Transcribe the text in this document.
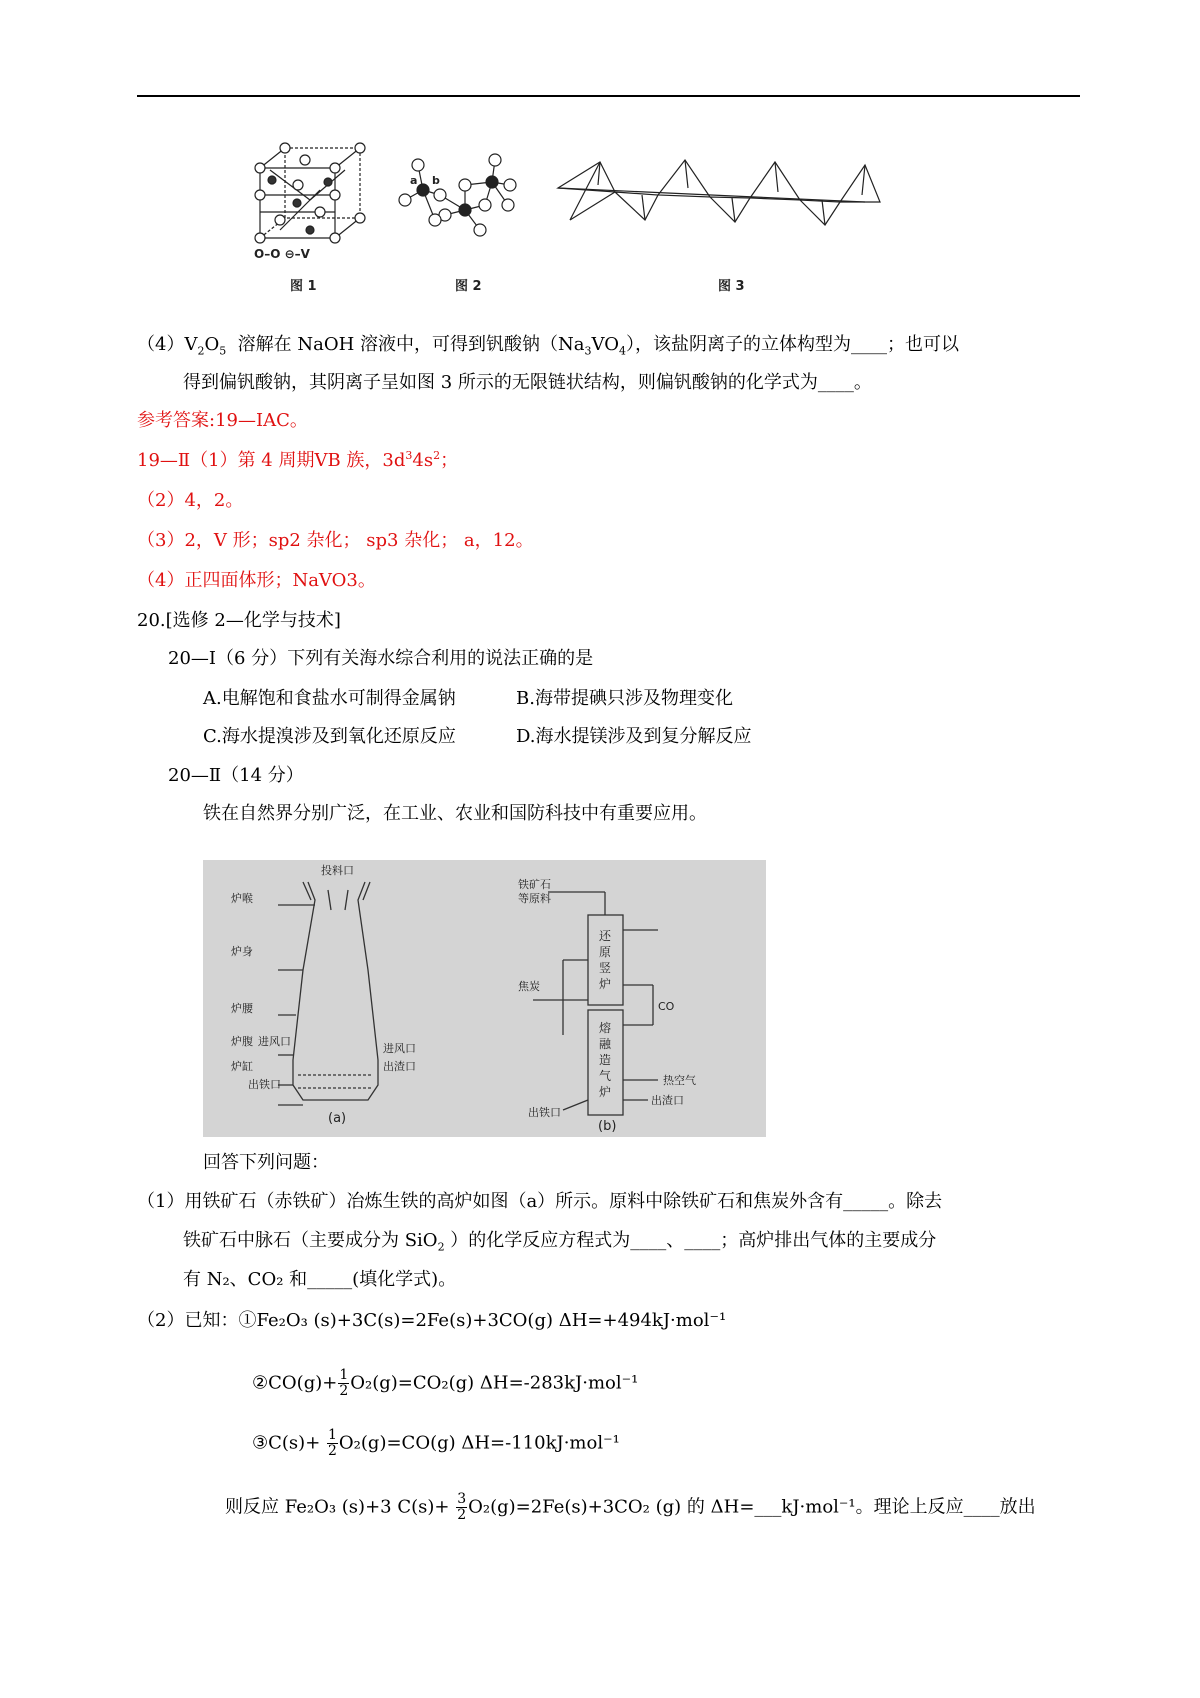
O–O ⊖–V
图 1
a b
图 2	图 3
$(4)V_2O_5$ 溶解在 NaOH 溶液中，可得到钒酸钠$(Na_3VO_4)$，该盐阴离子的立体构型为____；也可以
得到偏钒酸钠，其阴离子呈如图 3 所示的无限链状结构，则偏钒酸钠的化学式为____。
参考答案:19—ⅠAC。
19—Ⅱ（1）第 4 周期ⅤB 族，$3d^34s^2$；
（2）4，2。
（3）2，V 形；sp2 杂化； sp3 杂化； a，12。
（4）正四面体形；NaVO3。
20.[选修 2—化学与技术]
20—Ⅰ（6 分）下列有关海水综合利用的说法正确的是
A.电解饱和食盐水可制得金属钠	B.海带提碘只涉及物理变化
C.海水提溴涉及到氧化还原反应	D.海水提镁涉及到复分解反应
20—Ⅱ（14 分）
铁在自然界分别广泛，在工业、农业和国防科技中有重要应用。
投料口
炉喉
炉身
炉腰
炉腹 进风口
炉缸
出铁口
进风口
出渣口
(a)
铁矿石
等原料
还
原
竖
炉
熔
融
造
气
炉
焦炭
CO
热空气
出渣口
出铁口
(b)
回答下列问题：
（1）用铁矿石（赤铁矿）冶炼生铁的高炉如图（a）所示。原料中除铁矿石和焦炭外含有_____。除去
铁矿石中脉石（主要成分为 SiO$_2$ ）的化学反应方程式为____、____；高炉排出气体的主要成分
有 N₂、CO₂ 和_____(填化学式)。
（2）已知：①Fe₂O₃ (s)+3C(s)=2Fe(s)+3CO(g) ΔH=+494kJ·mol⁻¹
②CO(g)+ $\frac{1}{2} O_2(g)=CO_2(g)$ ΔH=-283kJ·mol⁻¹
③C(s)+ $\frac{1}{2} O_2(g)=CO(g)$ ΔH=-110kJ·mol⁻¹
则反应 Fe₂O₃ (s)+3 $C(s)+ \frac{3}{2} O_2(g)=2Fe(s)+3CO_2$ (g) 的 ΔH=___kJ·mol⁻¹。理论上反应____放出
